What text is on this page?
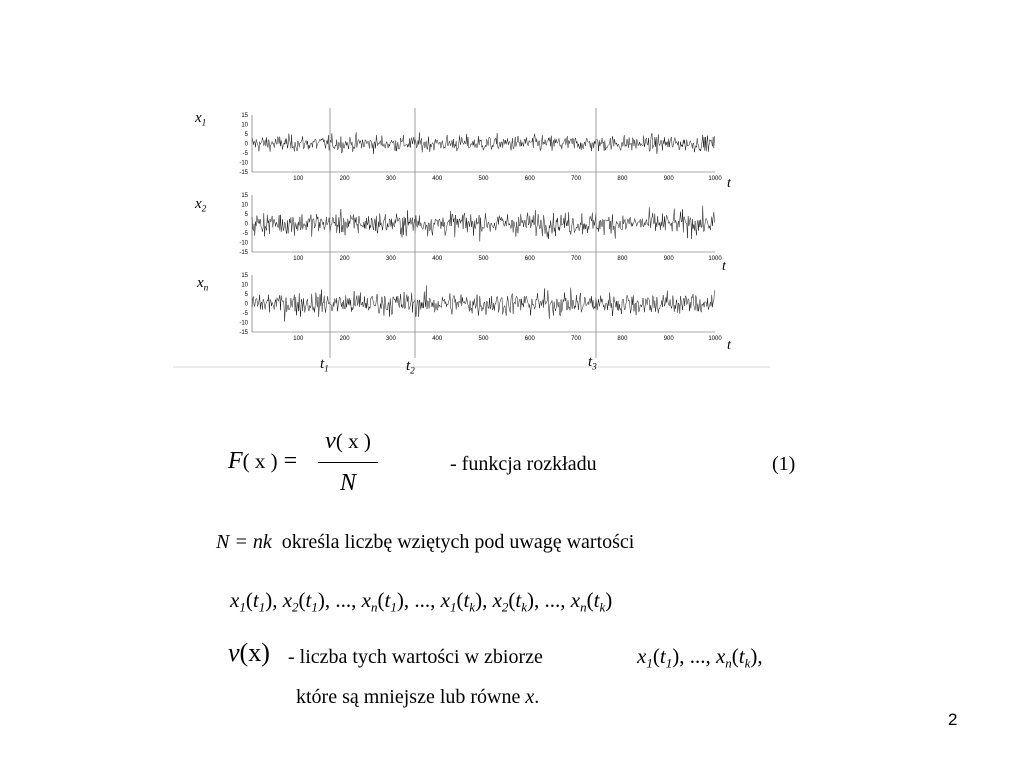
15
10
5
0
-5
-10
-15
100	200	300	400	500	600	700	800	900	1000
15
10
5
0
-5
-10
-15
100	200	300	400	500	600	700	800	900	1000
15
10
5
0
-5
-10
-15
100	200	300	400	500	600	700	800	900	1000
$x_1$
$x_2$
$x_n$
t
t
t
$t_1$	$t_2$
$t_3$
F( x ) =
ν( x )
N
- funkcja rozkładu	(1)
N = nk określa liczbę wziętych pod uwagę wartości
$x_1(t_1)$, $x_2(t_1)$, ..., $x_n(t_1)$, ..., $x_1(t_k)$, $x_2(t_k)$, ..., $x_n(t_k)$
ν(x) - liczba tych wartości w zbiorze	$x_1(t_1)$, ..., $x_n(t_k)$,
które są mniejsze lub równe x.
2
